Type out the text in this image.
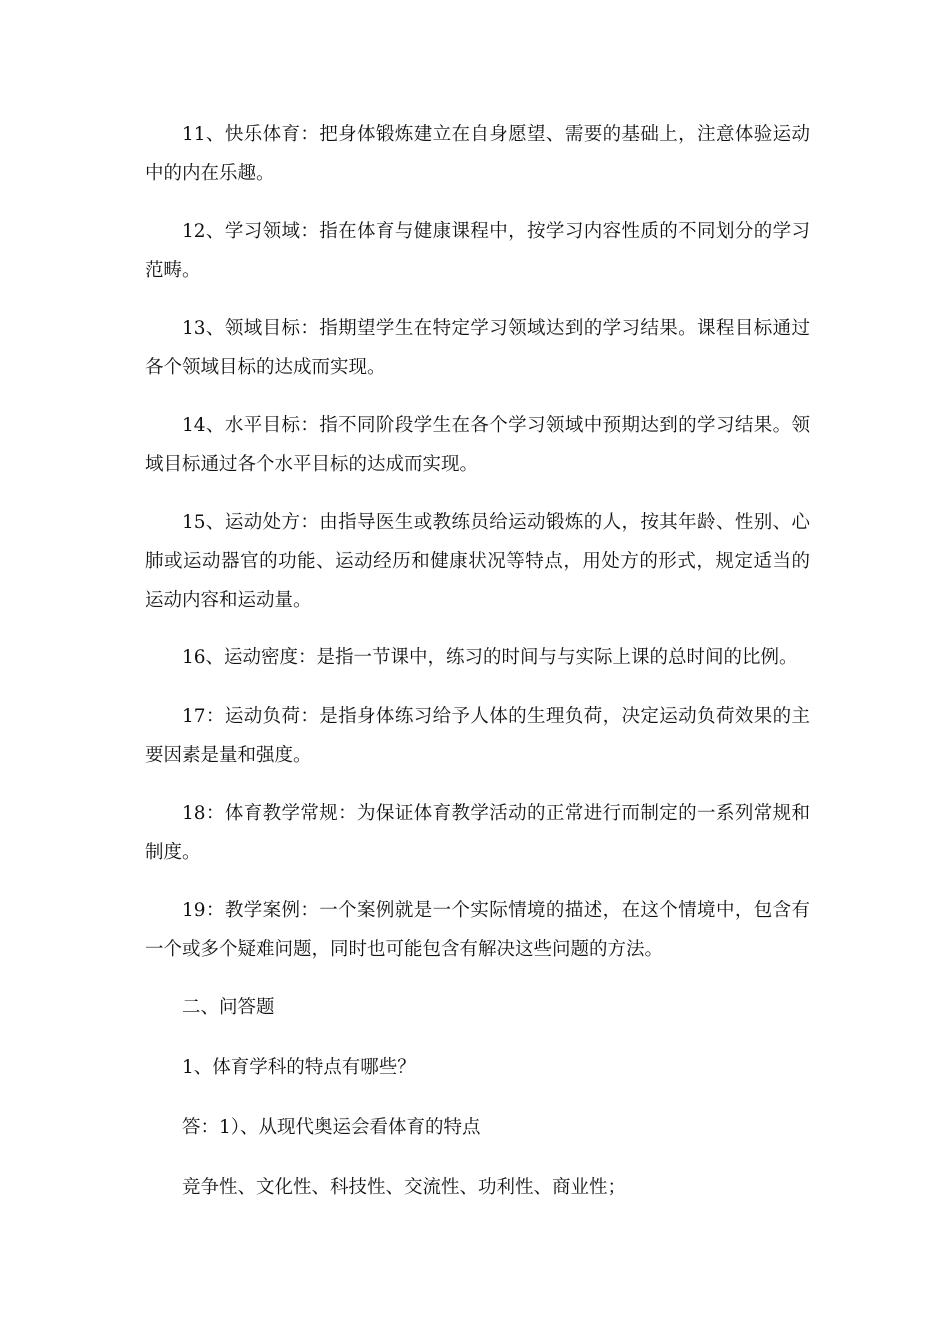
11、快乐体育：把身体锻炼建立在自身愿望、需要的基础上，注意体验运动中的内在乐趣。

12、学习领域：指在体育与健康课程中，按学习内容性质的不同划分的学习范畴。

13、领域目标：指期望学生在特定学习领域达到的学习结果。课程目标通过各个领域目标的达成而实现。

14、水平目标：指不同阶段学生在各个学习领域中预期达到的学习结果。领域目标通过各个水平目标的达成而实现。

15、运动处方：由指导医生或教练员给运动锻炼的人，按其年龄、性别、心肺或运动器官的功能、运动经历和健康状况等特点，用处方的形式，规定适当的运动内容和运动量。

16、运动密度：是指一节课中，练习的时间与与实际上课的总时间的比例。

17：运动负荷：是指身体练习给予人体的生理负荷，决定运动负荷效果的主要因素是量和强度。

18：体育教学常规：为保证体育教学活动的正常进行而制定的一系列常规和制度。

19：教学案例：一个案例就是一个实际情境的描述，在这个情境中，包含有一个或多个疑难问题，同时也可能包含有解决这些问题的方法。

二、问答题

1、体育学科的特点有哪些？

答：1）、从现代奥运会看体育的特点

竞争性、文化性、科技性、交流性、功利性、商业性；
